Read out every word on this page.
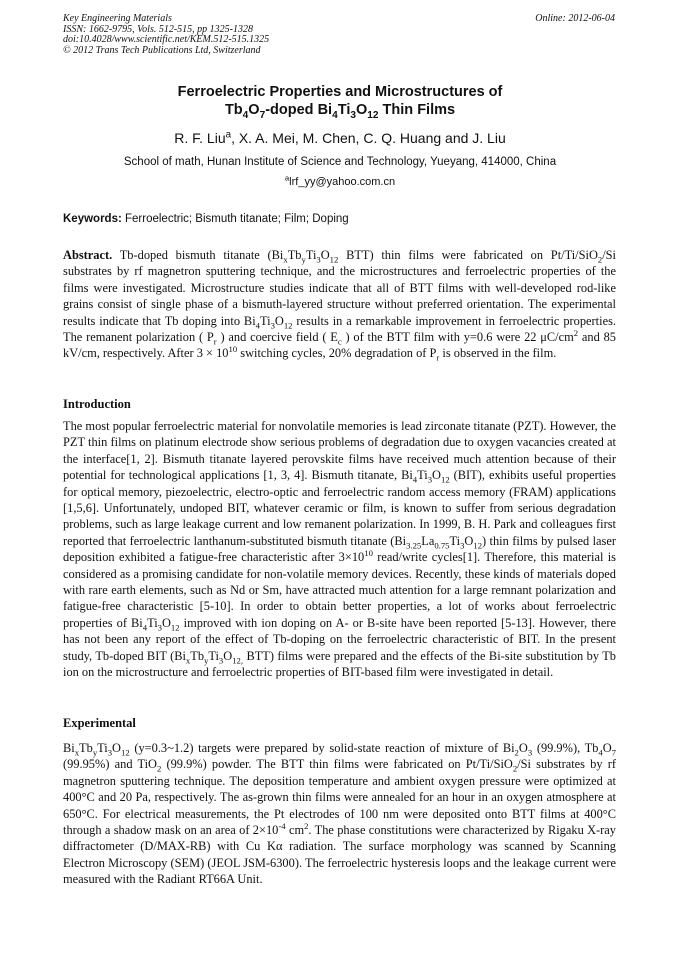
Key Engineering Materials
ISSN: 1662-9795, Vols. 512-515, pp 1325-1328
doi:10.4028/www.scientific.net/KEM.512-515.1325
© 2012 Trans Tech Publications Ltd, Switzerland
Online: 2012-06-04
Ferroelectric Properties and Microstructures of
$Tb_4O_7$-doped $Bi_4Ti_3O_{12}$ Thin Films
R. F. Liu$^a$, X. A. Mei, M. Chen, C. Q. Huang and J. Liu
School of math, Hunan Institute of Science and Technology, Yueyang, 414000, China
$^a$lrf_yy@yahoo.com.cn
Keywords: Ferroelectric; Bismuth titanate; Film; Doping
Abstract. Tb-doped bismuth titanate ($Bi_xTb_yTi_3O_{12}$ BTT) thin films were fabricated on Pt/Ti/SiO$_2$/Si substrates by rf magnetron sputtering technique, and the microstructures and ferroelectric properties of the films were investigated. Microstructure studies indicate that all of BTT films with well-developed rod-like grains consist of single phase of a bismuth-layered structure without preferred orientation. The experimental results indicate that Tb doping into $Bi_4Ti_3O_{12}$ results in a remarkable improvement in ferroelectric properties. The remanent polarization ( $P_r$ ) and coercive field ( $E_c$ ) of the BTT film with y=0.6 were 22 $\mu C/cm^2$ and 85 kV/cm, respectively. After $3 \times 10^{10}$ switching cycles, 20% degradation of $P_r$ is observed in the film.
Introduction
The most popular ferroelectric material for nonvolatile memories is lead zirconate titanate (PZT). However, the PZT thin films on platinum electrode show serious problems of degradation due to oxygen vacancies created at the interface[1, 2]. Bismuth titanate layered perovskite films have received much attention because of their potential for technological applications [1, 3, 4]. Bismuth titanate, $Bi_4Ti_3O_{12}$ (BIT), exhibits useful properties for optical memory, piezoelectric, electro-optic and ferroelectric random access memory (FRAM) applications [1,5,6]. Unfortunately, undoped BIT, whatever ceramic or film, is known to suffer from serious degradation problems, such as large leakage current and low remanent polarization. In 1999, B. H. Park and colleagues first reported that ferroelectric lanthanum-substituted bismuth titanate $(Bi_{3.25}La_{0.75}Ti_3O_{12})$ thin films by pulsed laser deposition exhibited a fatigue-free characteristic after $3\times 10^{10}$ read/write cycles[1]. Therefore, this material is considered as a promising candidate for non-volatile memory devices. Recently, these kinds of materials doped with rare earth elements, such as Nd or Sm, have attracted much attention for a large remnant polarization and fatigue-free characteristic [5-10]. In order to obtain better properties, a lot of works about ferroelectric properties of $Bi_4Ti_3O_{12}$ improved with ion doping on A- or B-site have been reported [5-13]. However, there has not been any report of the effect of Tb-doping on the ferroelectric characteristic of BIT. In the present study, Tb-doped BIT ($Bi_xTb_yTi_3O_{12,}$ BTT) films were prepared and the effects of the Bi-site substitution by Tb ion on the microstructure and ferroelectric properties of BIT-based film were investigated in detail.
Experimental
$Bi_xTb_yTi_3O_{12}$ (y=0.3~1.2) targets were prepared by solid-state reaction of mixture of $Bi_2O_3$ (99.9%), $Tb_4O_7$ (99.95%) and TiO$_2$ (99.9%) powder. The BTT thin films were fabricated on Pt/Ti/SiO$_2$/Si substrates by rf magnetron sputtering technique. The deposition temperature and ambient oxygen pressure were optimized at 400°C and 20 Pa, respectively. The as-grown thin films were annealed for an hour in an oxygen atmosphere at 650°C. For electrical measurements, the Pt electrodes of 100 nm were deposited onto BTT films at 400°C through a shadow mask on an area of $2\times 10^{-4}$ $cm^2$. The phase constitutions were characterized by Rigaku X-ray diffractometer (D/MAX-RB) with Cu Kα radiation. The surface morphology was scanned by Scanning Electron Microscopy (SEM) (JEOL JSM-6300). The ferroelectric hysteresis loops and the leakage current were measured with the Radiant RT66A Unit.
